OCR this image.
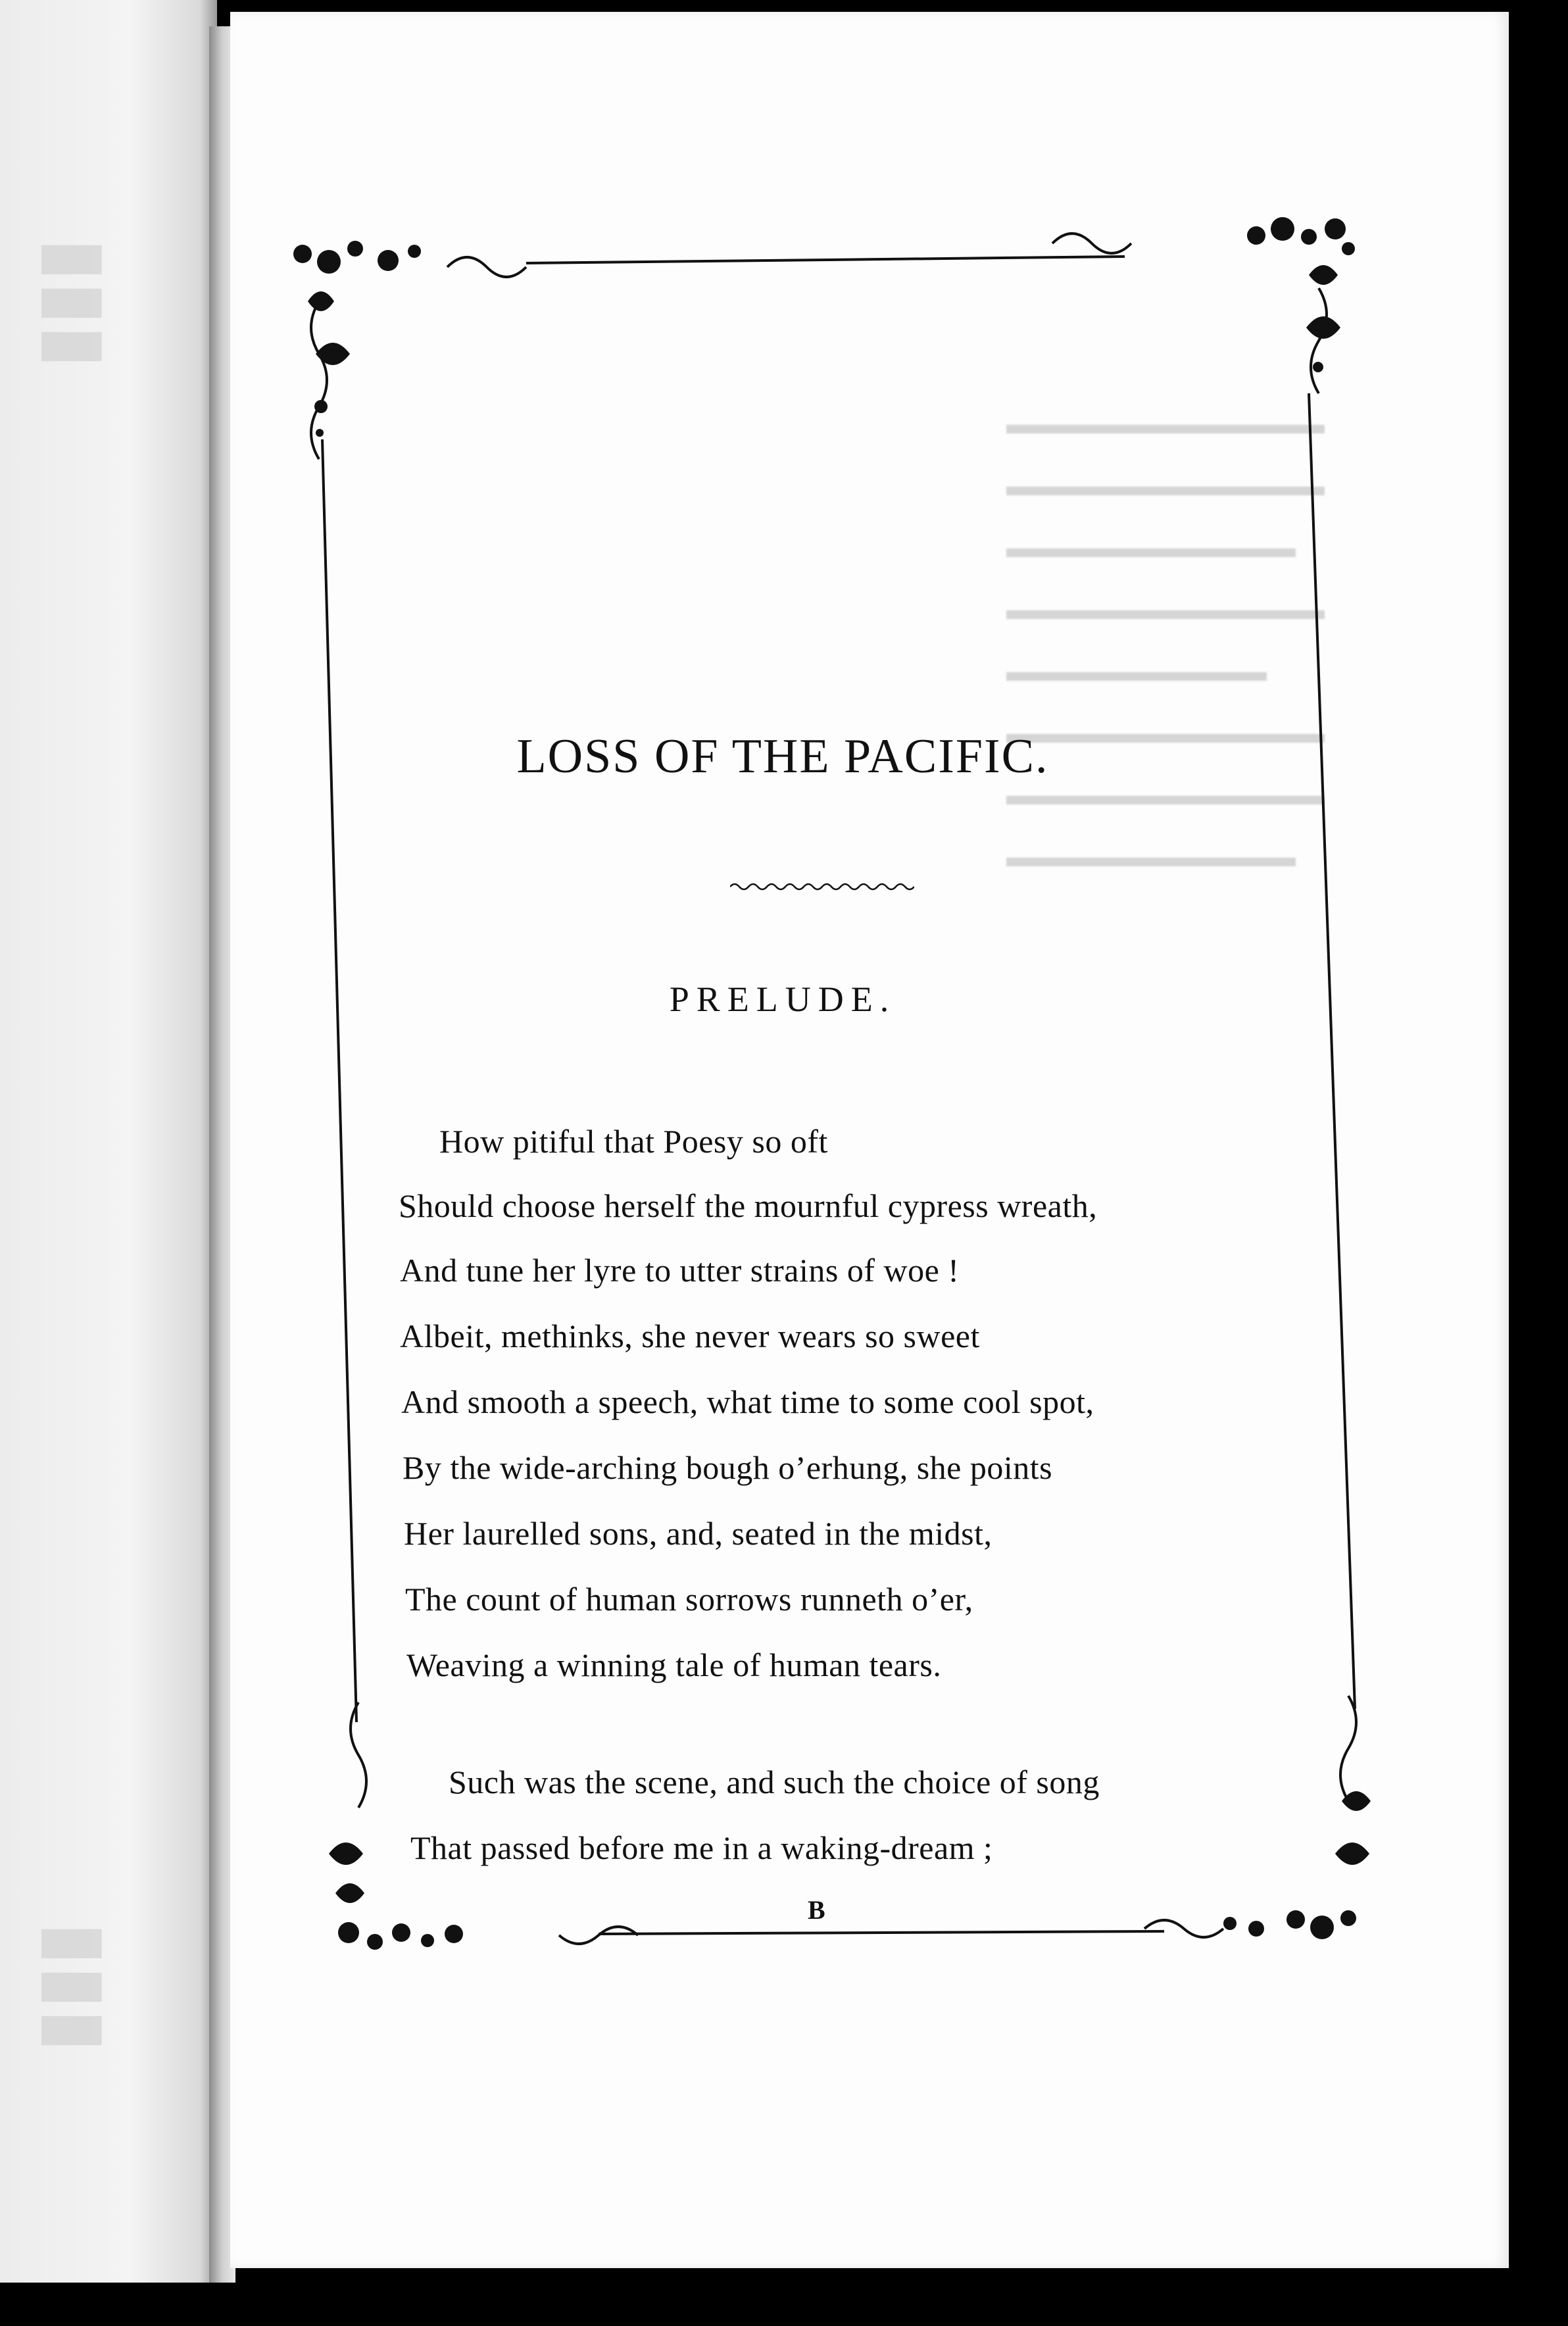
▮▮▮
▮▮▮
▬▬▬▬▬▬▬▬▬▬▬
▬▬▬▬▬▬▬▬▬▬▬
▬▬▬▬▬▬▬▬▬▬
▬▬▬▬▬▬▬▬▬▬▬
▬▬▬▬▬▬▬▬▬
▬▬▬▬▬▬▬▬▬▬▬
▬▬▬▬▬▬▬▬▬▬▬
▬▬▬▬▬▬▬▬▬▬
LOSS OF THE PACIFIC.
PRELUDE.
How pitiful that Poesy so oft
Should choose herself the mournful cypress wreath,
And tune her lyre to utter strains of woe !
Albeit, methinks, she never wears so sweet
And smooth a speech, what time to some cool spot,
By the wide-arching bough o’erhung, she points
Her laurelled sons, and, seated in the midst,
The count of human sorrows runneth o’er,
Weaving a winning tale of human tears.
Such was the scene, and such the choice of song
That passed before me in a waking-dream ;
B
